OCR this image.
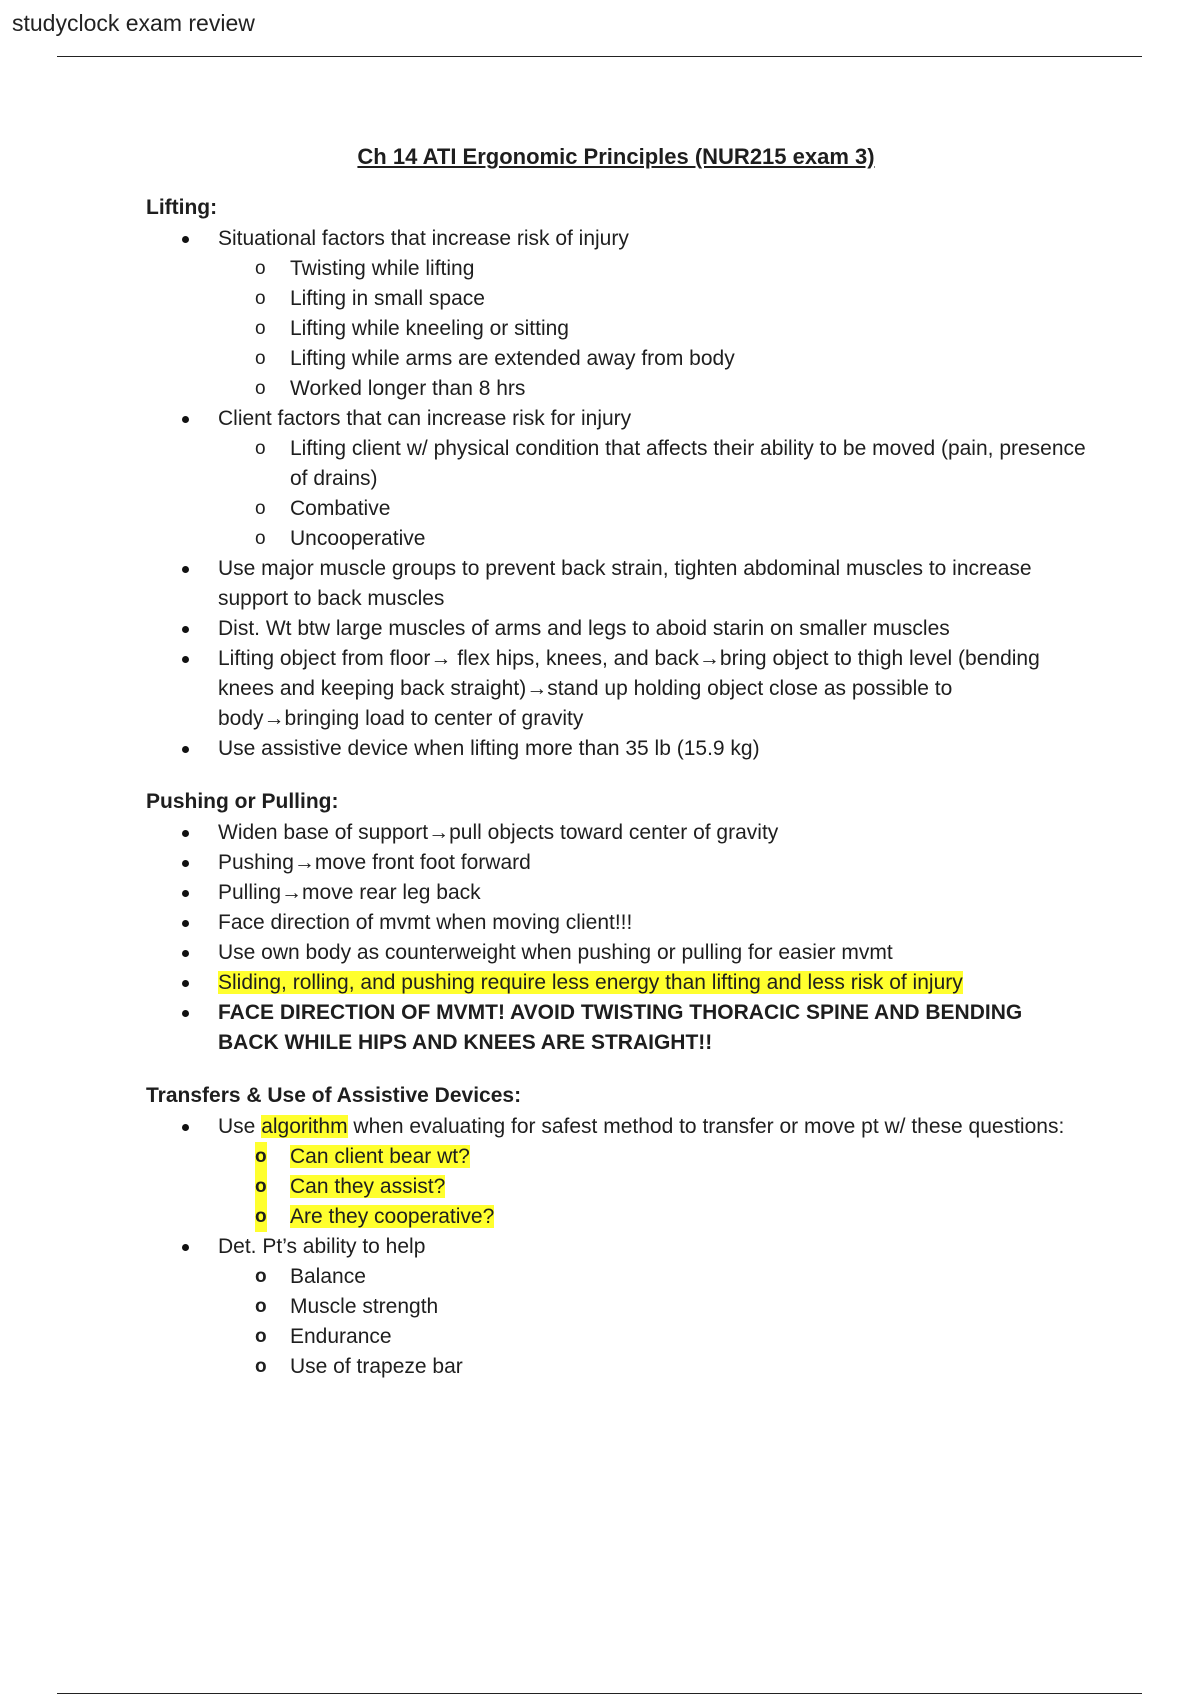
studyclock exam review
Ch 14 ATI Ergonomic Principles (NUR215 exam 3)
Lifting:
Situational factors that increase risk of injury
o Twisting while lifting
o Lifting in small space
o Lifting while kneeling or sitting
o Lifting while arms are extended away from body
o Worked longer than 8 hrs
Client factors that can increase risk for injury
o Lifting client w/ physical condition that affects their ability to be moved (pain, presence of drains)
o Combative
o Uncooperative
Use major muscle groups to prevent back strain, tighten abdominal muscles to increase support to back muscles
Dist. Wt btw large muscles of arms and legs to aboid starin on smaller muscles
Lifting object from floor→ flex hips, knees, and back→bring object to thigh level (bending knees and keeping back straight)→stand up holding object close as possible to body→bringing load to center of gravity
Use assistive device when lifting more than 35 lb (15.9 kg)
Pushing or Pulling:
Widen base of support→pull objects toward center of gravity
Pushing→move front foot forward
Pulling→move rear leg back
Face direction of mvmt when moving client!!!
Use own body as counterweight when pushing or pulling for easier mvmt
Sliding, rolling, and pushing require less energy than lifting and less risk of injury
FACE DIRECTION OF MVMT! AVOID TWISTING THORACIC SPINE AND BENDING BACK WHILE HIPS AND KNEES ARE STRAIGHT!!
Transfers & Use of Assistive Devices:
Use algorithm when evaluating for safest method to transfer or move pt w/ these questions:
o Can client bear wt?
o Can they assist?
o Are they cooperative?
Det. Pt’s ability to help
o Balance
o Muscle strength
o Endurance
o Use of trapeze bar
